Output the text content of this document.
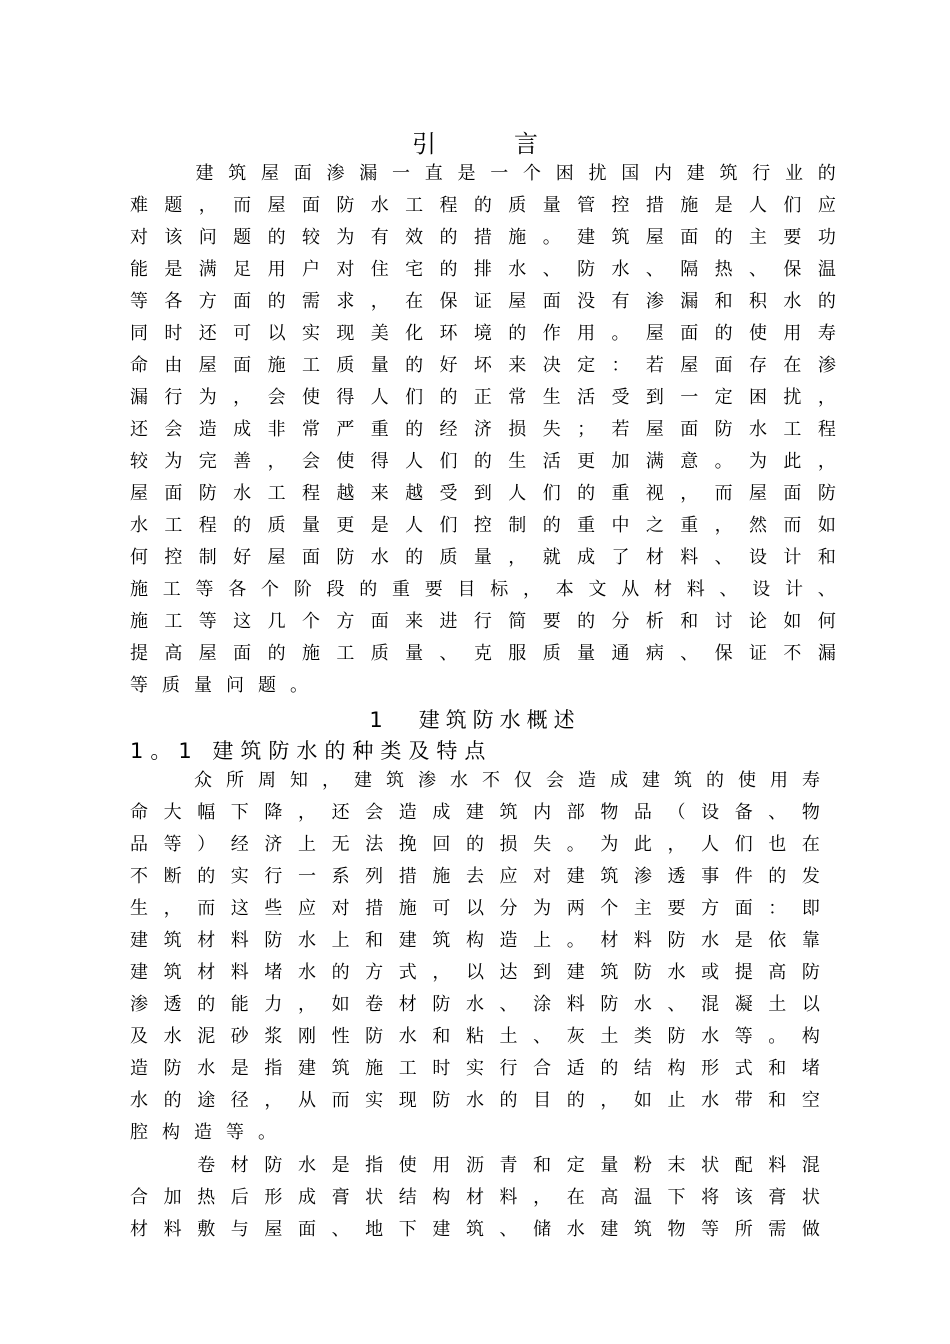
引言

建 筑 屋 面 渗 漏 一 直 是 一 个 困 扰 国 内 建 筑 行 业 的
难 题 ， 而 屋 面 防 水 工 程 的 质 量 管 控 措 施 是 人 们 应
对 该 问 题 的 较 为 有 效 的 措 施 。 建 筑 屋 面 的 主 要 功
能 是 满 足 用 户 对 住 宅 的 排 水 、 防 水 、 隔 热 、 保 温
等 各 方 面 的 需 求 ， 在 保 证 屋 面 没 有 渗 漏 和 积 水 的
同 时 还 可 以 实 现 美 化 环 境 的 作 用 。 屋 面 的 使 用 寿
命 由 屋 面 施 工 质 量 的 好 坏 来 决 定 ： 若 屋 面 存 在 渗
漏 行 为 ， 会 使 得 人 们 的 正 常 生 活 受 到 一 定 困 扰 ，
还 会 造 成 非 常 严 重 的 经 济 损 失 ； 若 屋 面 防 水 工 程
较 为 完 善 ， 会 使 得 人 们 的 生 活 更 加 满 意 。 为 此 ，
屋 面 防 水 工 程 越 来 越 受 到 人 们 的 重 视 ， 而 屋 面 防
水 工 程 的 质 量 更 是 人 们 控 制 的 重 中 之 重 ， 然 而 如
何 控 制 好 屋 面 防 水 的 质 量 ， 就 成 了 材 料 、 设 计 和
施 工 等 各 个 阶 段 的 重 要 目 标 ， 本 文 从 材 料 、 设 计 、
施 工 等 这 几 个 方 面 来 进 行 简 要 的 分 析 和 讨 论 如 何
提 高 屋 面 的 施 工 质 量 、 克 服 质 量 通 病 、 保 证 不 漏
等质量问题。
1 建筑防水概述
1。1 建筑防水的种类及特点

众 所 周 知 ， 建 筑 渗 水 不 仅 会 造 成 建 筑 的 使 用 寿
命 大 幅 下 降 ， 还 会 造 成 建 筑 内 部 物 品 （ 设 备 、 物
品 等 ） 经 济 上 无 法 挽 回 的 损 失 。 为 此 ， 人 们 也 在
不 断 的 实 行 一 系 列 措 施 去 应 对 建 筑 渗 透 事 件 的 发
生 ， 而 这 些 应 对 措 施 可 以 分 为 两 个 主 要 方 面 ： 即
建 筑 材 料 防 水 上 和 建 筑 构 造 上 。 材 料 防 水 是 依 靠
建 筑 材 料 堵 水 的 方 式 ， 以 达 到 建 筑 防 水 或 提 高 防
渗 透 的 能 力 ， 如 卷 材 防 水 、 涂 料 防 水 、 混 凝 土 以
及 水 泥 砂 浆 刚 性 防 水 和 粘 土 、 灰 土 类 防 水 等 。 构
造 防 水 是 指 建 筑 施 工 时 实 行 合 适 的 结 构 形 式 和 堵
水 的 途 径 ， 从 而 实 现 防 水 的 目 的 ， 如 止 水 带 和 空
腔构造等。

卷 材 防 水 是 指 使 用 沥 青 和 定 量 粉 末 状 配 料 混
合 加 热 后 形 成 膏 状 结 构 材 料 ， 在 高 温 下 将 该 膏 状
材 料 敷 与 屋 面 、 地 下 建 筑 、 储 水 建 筑 物 等 所 需 做
